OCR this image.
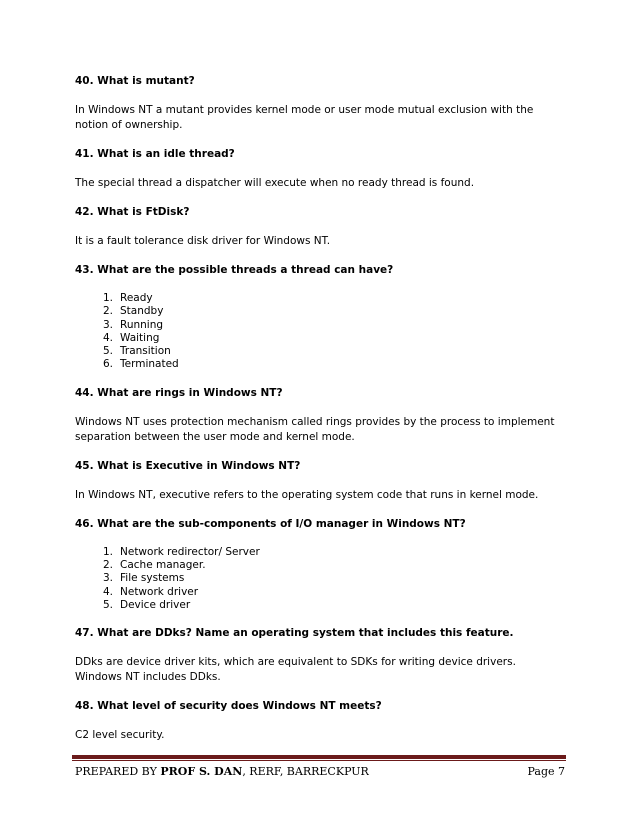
40. What is mutant?

In Windows NT a mutant provides kernel mode or user mode mutual exclusion with the notion of ownership.

41. What is an idle thread?

The special thread a dispatcher will execute when no ready thread is found.

42. What is FtDisk?

It is a fault tolerance disk driver for Windows NT.

43. What are the possible threads a thread can have?

1. Ready
2. Standby
3. Running
4. Waiting
5. Transition
6. Terminated

44. What are rings in Windows NT?

Windows NT uses protection mechanism called rings provides by the process to implement separation between the user mode and kernel mode.

45. What is Executive in Windows NT?

In Windows NT, executive refers to the operating system code that runs in kernel mode.

46. What are the sub-components of I/O manager in Windows NT?

1. Network redirector/ Server
2. Cache manager.
3. File systems
4. Network driver
5. Device driver

47. What are DDks? Name an operating system that includes this feature.

DDks are device driver kits, which are equivalent to SDKs for writing device drivers. Windows NT includes DDks.

48. What level of security does Windows NT meets?

C2 level security.

PREPARED BY PROF S. DAN, RERF, BARRECKPUR	Page 7
